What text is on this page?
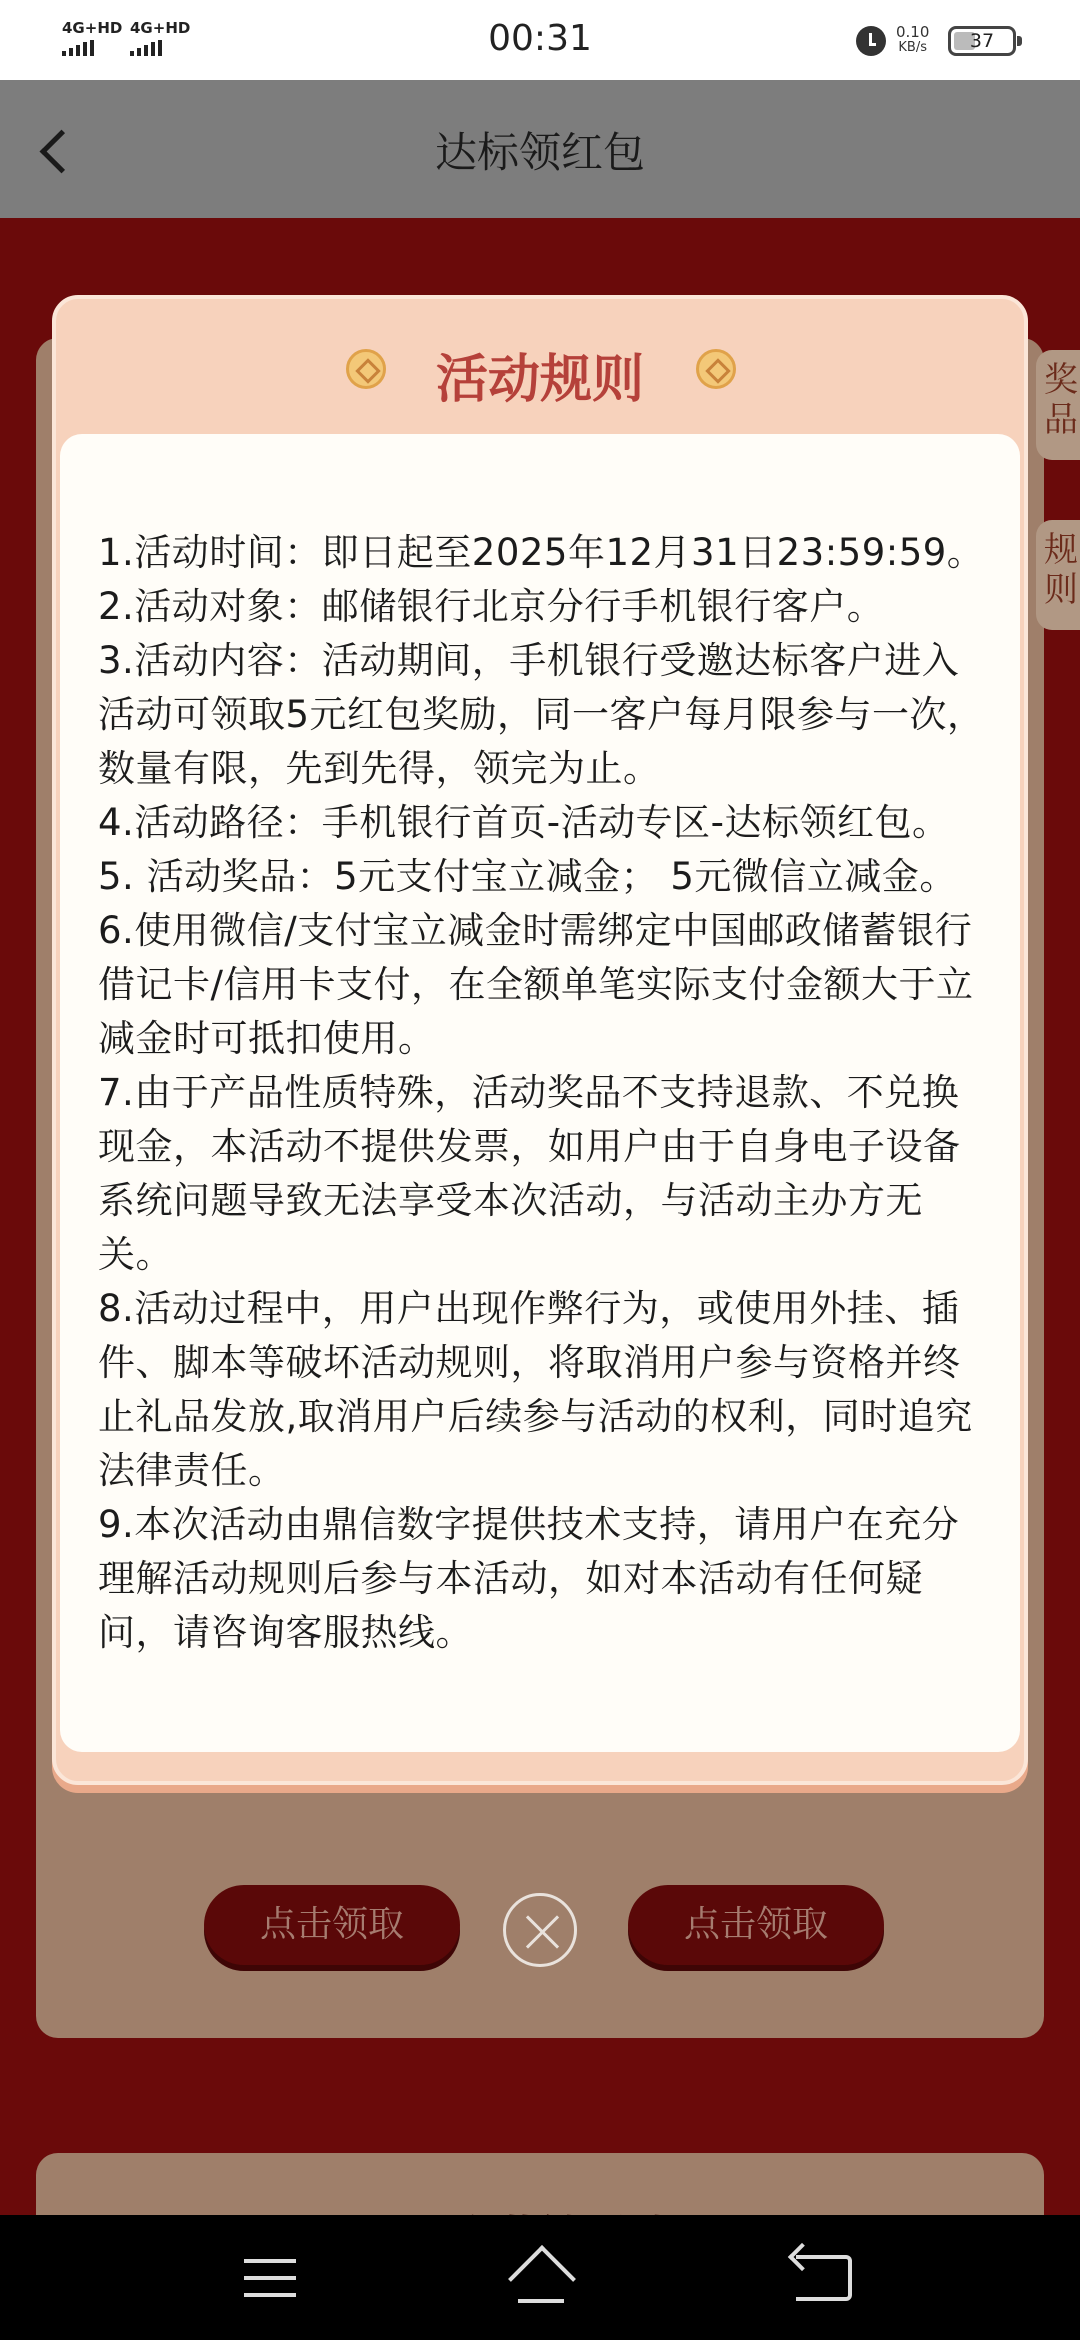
4G+HD 4G+HD	00:31	0.10
KB/s	37
达标领红包
奖品
规则
点击领取	点击领取
活动规则

1.活动时间：即日起至2025年12月31日23:59:59。

2.活动对象：邮储银行北京分行手机银行客户。

3.活动内容：活动期间，手机银行受邀达标客户进入活动可领取5元红包奖励，同一客户每月限参与一次，数量有限，先到先得，领完为止。

4.活动路径：手机银行首页-活动专区-达标领红包。

5. 活动奖品：5元支付宝立减金； 5元微信立减金。

6.使用微信/支付宝立减金时需绑定中国邮政储蓄银行借记卡/信用卡支付，在全额单笔实际支付金额大于立减金时可抵扣使用。

7.由于产品性质特殊，活动奖品不支持退款、不兑换现金，本活动不提供发票，如用户由于自身电子设备系统问题导致无法享受本次活动，与活动主办方无关。

8.活动过程中，用户出现作弊行为，或使用外挂、插件、脚本等破坏活动规则，将取消用户参与资格并终止礼品发放,取消用户后续参与活动的权利，同时追究法律责任。

9.本次活动由鼎信数字提供技术支持，请用户在充分理解活动规则后参与本活动，如对本活动有任何疑问，请咨询客服热线。
